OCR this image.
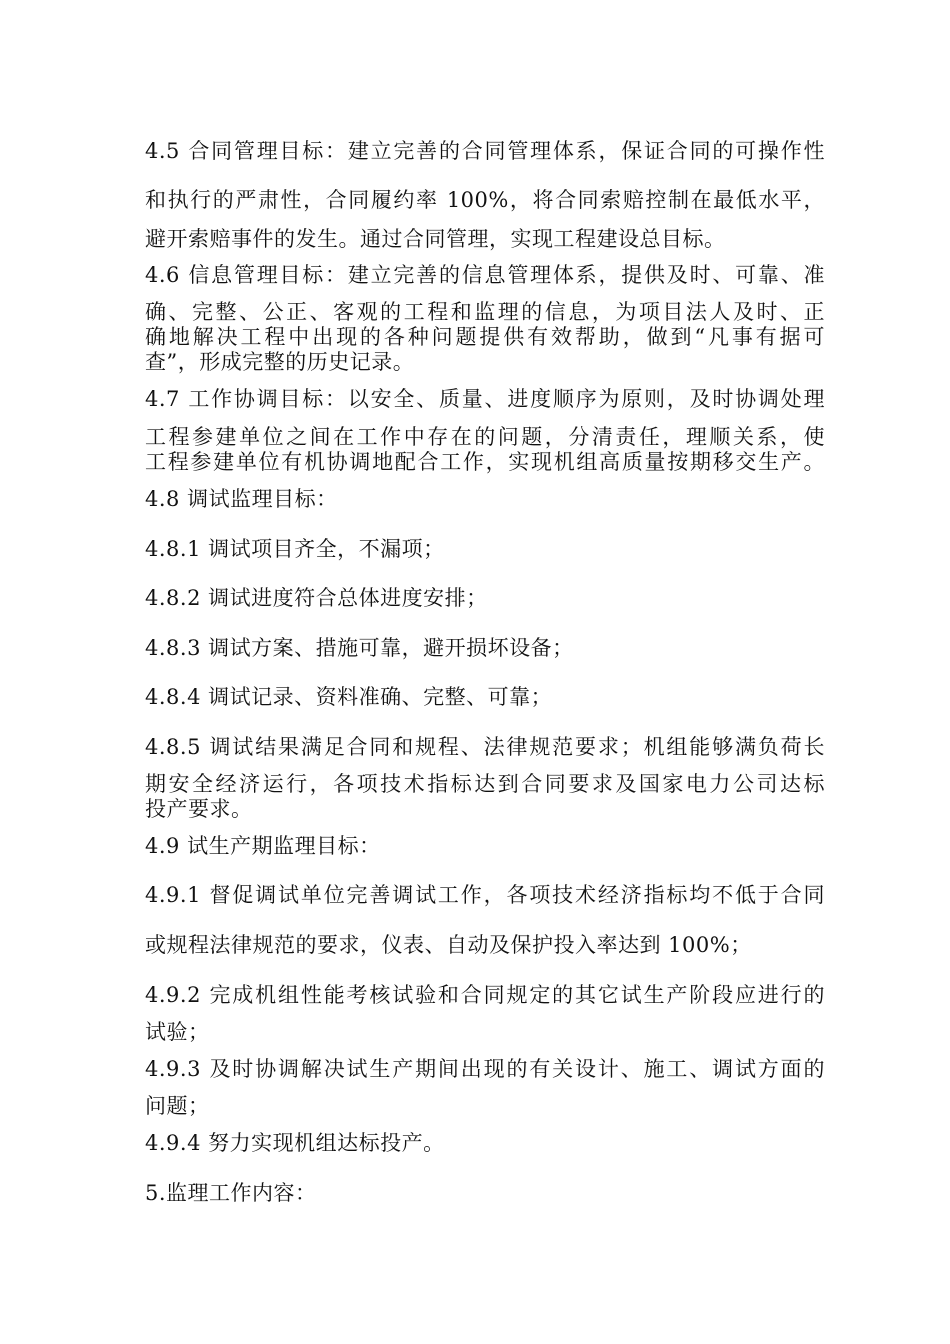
4.5 合同管理目标：建立完善的合同管理体系，保证合同的可操作性
和执行的严肃性，合同履约率 100%，将合同索赔控制在最低水平，
避开索赔事件的发生。通过合同管理，实现工程建设总目标。
4.6 信息管理目标：建立完善的信息管理体系，提供及时、可靠、准
确、完整、公正、客观的工程和监理的信息，为项目法人及时、正
确地解决工程中出现的各种问题提供有效帮助，做到“凡事有据可
查”，形成完整的历史记录。
4.7 工作协调目标：以安全、质量、进度顺序为原则，及时协调处理
工程参建单位之间在工作中存在的问题，分清责任，理顺关系，使
工程参建单位有机协调地配合工作，实现机组高质量按期移交生产。
4.8 调试监理目标：
4.8.1 调试项目齐全，不漏项；
4.8.2 调试进度符合总体进度安排；
4.8.3 调试方案、措施可靠，避开损坏设备；
4.8.4 调试记录、资料准确、完整、可靠；
4.8.5 调试结果满足合同和规程、法律规范要求；机组能够满负荷长
期安全经济运行，各项技术指标达到合同要求及国家电力公司达标
投产要求。
4.9 试生产期监理目标：
4.9.1 督促调试单位完善调试工作，各项技术经济指标均不低于合同
或规程法律规范的要求，仪表、自动及保护投入率达到 100%；
4.9.2 完成机组性能考核试验和合同规定的其它试生产阶段应进行的
试验；
4.9.3 及时协调解决试生产期间出现的有关设计、施工、调试方面的
问题；
4.9.4 努力实现机组达标投产。
5.监理工作内容：
